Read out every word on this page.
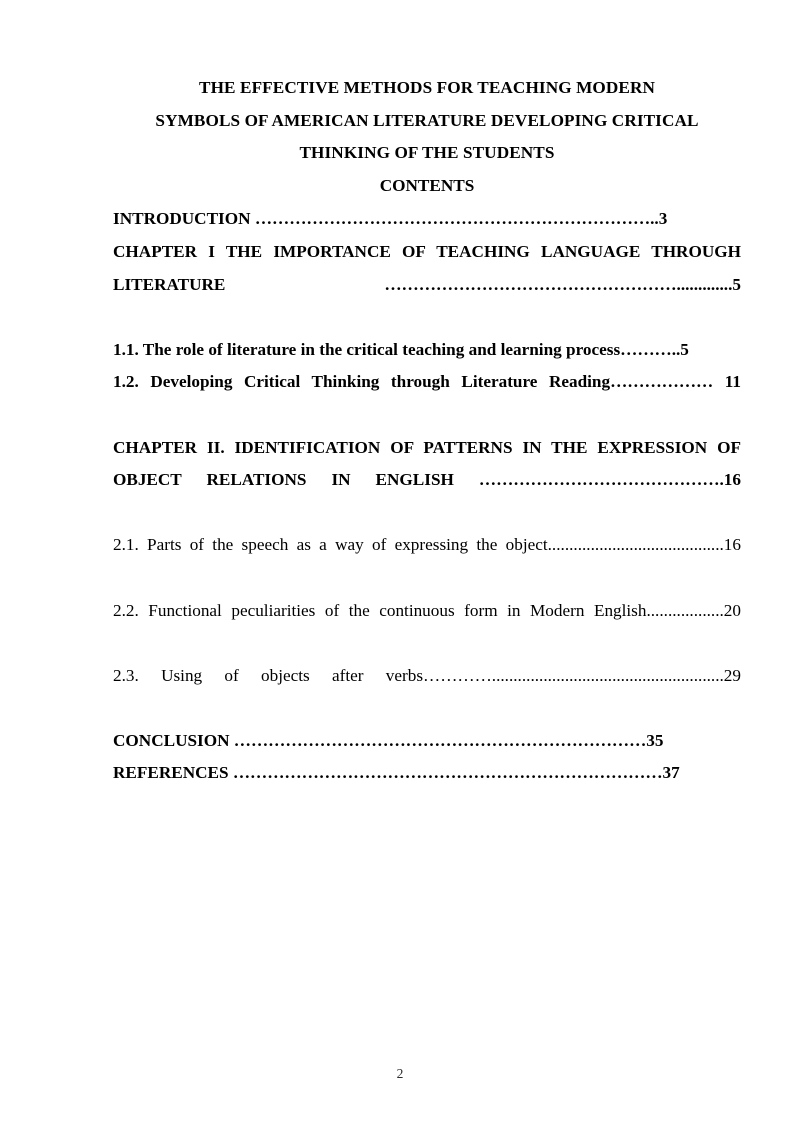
THE EFFECTIVE METHODS FOR TEACHING MODERN
SYMBOLS OF AMERICAN LITERATURE DEVELOPING CRITICAL
THINKING OF THE STUDENTS
CONTENTS
INTRODUCTION ……………………………………………………………..3
CHAPTER I THE IMPORTANCE OF TEACHING LANGUAGE THROUGH LITERATURE …………………………………………….............5
1.1. The role of literature in the critical teaching and learning process………..5
1.2. Developing Critical Thinking through Literature Reading……………… 11
CHAPTER II. IDENTIFICATION OF PATTERNS IN THE EXPRESSION OF OBJECT RELATIONS IN ENGLISH …………………………………….16
2.1. Parts of the speech as a way of expressing the object.........................................16
2.2. Functional peculiarities of the continuous form in Modern English..................20
2.3. Using of objects after verbs…………......................................................29
CONCLUSION ………………………………………………………………35
REFERENCES …………………………………………………………………37
2
